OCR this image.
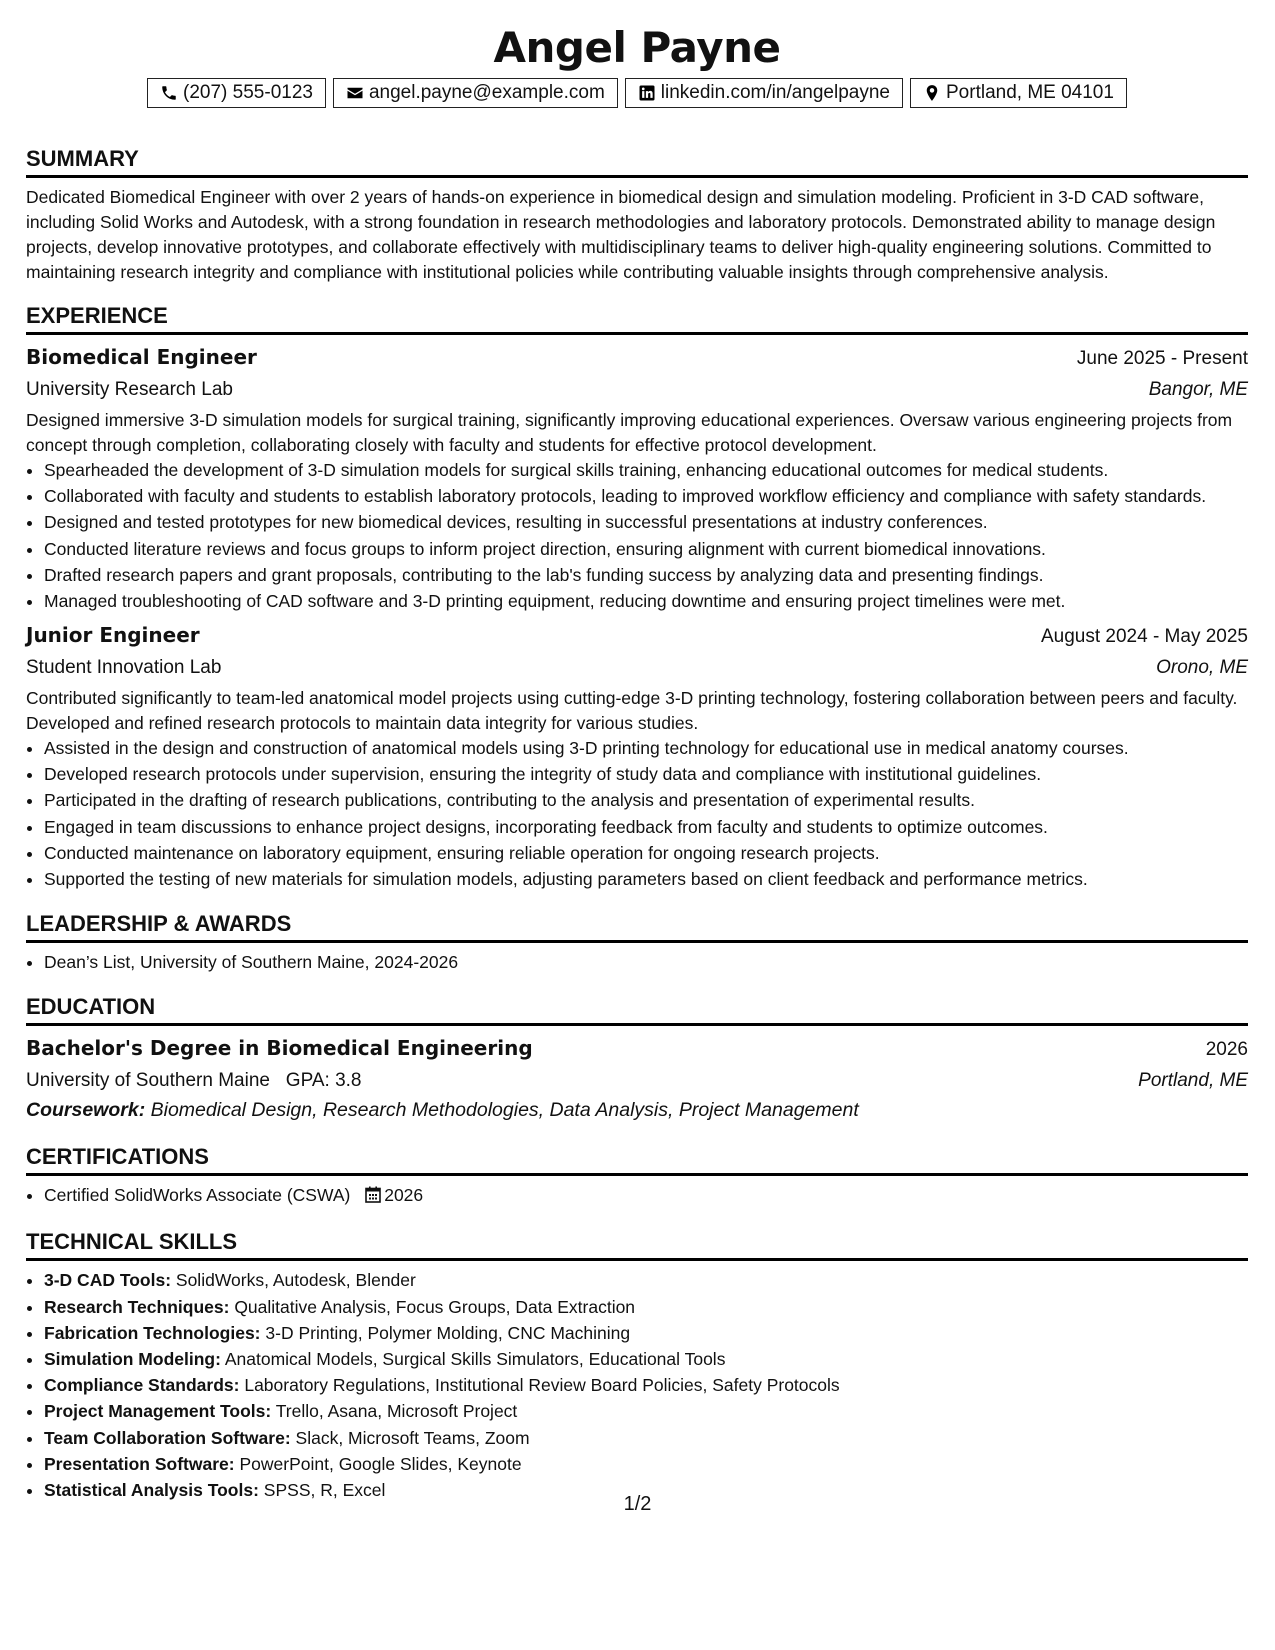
Angel Payne
(207) 555-0123	angel.payne@example.com	linkedin.com/in/angelpayne	Portland, ME 04101
SUMMARY

Dedicated Biomedical Engineer with over 2 years of hands-on experience in biomedical design and simulation modeling. Proficient in 3-D CAD software, including Solid Works and Autodesk, with a strong foundation in research methodologies and laboratory protocols. Demonstrated ability to manage design projects, develop innovative prototypes, and collaborate effectively with multidisciplinary teams to deliver high-quality engineering solutions. Committed to maintaining research integrity and compliance with institutional policies while contributing valuable insights through comprehensive analysis.

EXPERIENCE
Biomedical Engineer	June 2025 - Present
University Research Lab	Bangor, ME

Designed immersive 3-D simulation models for surgical training, significantly improving educational experiences. Oversaw various engineering projects from concept through completion, collaborating closely with faculty and students for effective protocol development.

• Spearheaded the development of 3-D simulation models for surgical skills training, enhancing educational outcomes for medical students.
• Collaborated with faculty and students to establish laboratory protocols, leading to improved workflow efficiency and compliance with safety standards.
• Designed and tested prototypes for new biomedical devices, resulting in successful presentations at industry conferences.
• Conducted literature reviews and focus groups to inform project direction, ensuring alignment with current biomedical innovations.
• Drafted research papers and grant proposals, contributing to the lab's funding success by analyzing data and presenting findings.
• Managed troubleshooting of CAD software and 3-D printing equipment, reducing downtime and ensuring project timelines were met.
Junior Engineer	August 2024 - May 2025
Student Innovation Lab	Orono, ME

Contributed significantly to team-led anatomical model projects using cutting-edge 3-D printing technology, fostering collaboration between peers and faculty. Developed and refined research protocols to maintain data integrity for various studies.

• Assisted in the design and construction of anatomical models using 3-D printing technology for educational use in medical anatomy courses.
• Developed research protocols under supervision, ensuring the integrity of study data and compliance with institutional guidelines.
• Participated in the drafting of research publications, contributing to the analysis and presentation of experimental results.
• Engaged in team discussions to enhance project designs, incorporating feedback from faculty and students to optimize outcomes.
• Conducted maintenance on laboratory equipment, ensuring reliable operation for ongoing research projects.
• Supported the testing of new materials for simulation models, adjusting parameters based on client feedback and performance metrics.
LEADERSHIP & AWARDS
• Dean’s List, University of Southern Maine, 2024-2026
EDUCATION
Bachelor's Degree in Biomedical Engineering	2026
University of Southern Maine GPA: 3.8	Portland, ME
Coursework: Biomedical Design, Research Methodologies, Data Analysis, Project Management
CERTIFICATIONS
• Certified SolidWorks Associate (CSWA) 2026
TECHNICAL SKILLS
• 3-D CAD Tools: SolidWorks, Autodesk, Blender
• Research Techniques: Qualitative Analysis, Focus Groups, Data Extraction
• Fabrication Technologies: 3-D Printing, Polymer Molding, CNC Machining
• Simulation Modeling: Anatomical Models, Surgical Skills Simulators, Educational Tools
• Compliance Standards: Laboratory Regulations, Institutional Review Board Policies, Safety Protocols
• Project Management Tools: Trello, Asana, Microsoft Project
• Team Collaboration Software: Slack, Microsoft Teams, Zoom
• Presentation Software: PowerPoint, Google Slides, Keynote
• Statistical Analysis Tools: SPSS, R, Excel
1/2
